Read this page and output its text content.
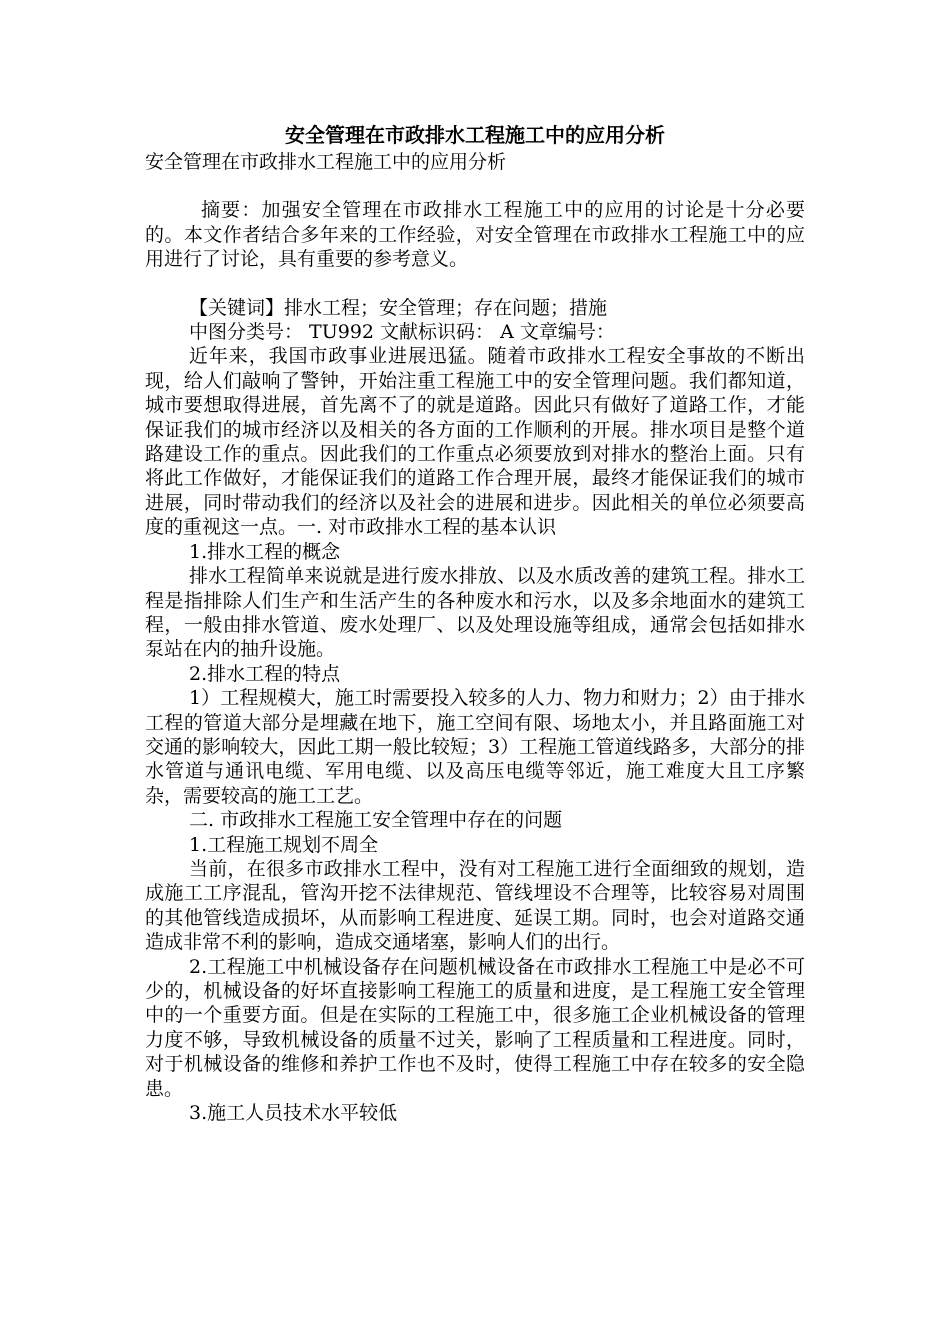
安全管理在市政排水工程施工中的应用分析

安全管理在市政排水工程施工中的应用分析

摘要：加强安全管理在市政排水工程施工中的应用的讨论是十分必要的。本文作者结合多年来的工作经验，对安全管理在市政排水工程施工中的应用进行了讨论，具有重要的参考意义。

【关键词】排水工程；安全管理；存在问题；措施

中图分类号： TU992 文献标识码： A 文章编号：

近年来，我国市政事业进展迅猛。随着市政排水工程安全事故的不断出现，给人们敲响了警钟，开始注重工程施工中的安全管理问题。我们都知道，城市要想取得进展，首先离不了的就是道路。因此只有做好了道路工作，才能保证我们的城市经济以及相关的各方面的工作顺利的开展。排水项目是整个道路建设工作的重点。因此我们的工作重点必须要放到对排水的整治上面。只有将此工作做好，才能保证我们的道路工作合理开展，最终才能保证我们的城市进展，同时带动我们的经济以及社会的进展和进步。因此相关的单位必须要高度的重视这一点。一. 对市政排水工程的基本认识

1.排水工程的概念

排水工程简单来说就是进行废水排放、以及水质改善的建筑工程。排水工程是指排除人们生产和生活产生的各种废水和污水，以及多余地面水的建筑工程，一般由排水管道、废水处理厂、以及处理设施等组成，通常会包括如排水泵站在内的抽升设施。

2.排水工程的特点

1）工程规模大，施工时需要投入较多的人力、物力和财力；2）由于排水工程的管道大部分是埋藏在地下，施工空间有限、场地太小，并且路面施工对交通的影响较大，因此工期一般比较短；3）工程施工管道线路多，大部分的排水管道与通讯电缆、军用电缆、以及高压电缆等邻近，施工难度大且工序繁杂，需要较高的施工工艺。

二. 市政排水工程施工安全管理中存在的问题

1.工程施工规划不周全

当前，在很多市政排水工程中，没有对工程施工进行全面细致的规划，造成施工工序混乱，管沟开挖不法律规范、管线埋设不合理等，比较容易对周围的其他管线造成损坏，从而影响工程进度、延误工期。同时，也会对道路交通造成非常不利的影响，造成交通堵塞，影响人们的出行。

2.工程施工中机械设备存在问题机械设备在市政排水工程施工中是必不可少的，机械设备的好坏直接影响工程施工的质量和进度，是工程施工安全管理中的一个重要方面。但是在实际的工程施工中，很多施工企业机械设备的管理力度不够，导致机械设备的质量不过关，影响了工程质量和工程进度。同时，对于机械设备的维修和养护工作也不及时，使得工程施工中存在较多的安全隐患。

3.施工人员技术水平较低
